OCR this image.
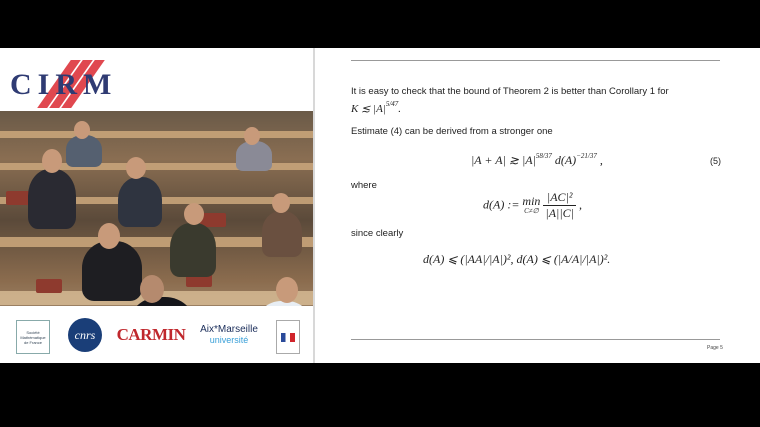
CIRM
Société
Mathématique
de France
cnrs	CARMIN Aix*Marseille
université
It is easy to check that the bound of Theorem 2 is better than Corollary 1 for
K ≲ $|A|^{5/47}$.
Estimate (4) can be derived from a stronger one
|A + A| ≳ $|A|^{58/37}$ $d(A)^{-21/37}$ ,	(5)
where
d(A) := min
C≠∅
$\frac{\text{|AC|²}}{|A||C|}$ ,
since clearly
d(A) ⩽ (|AA|/|A|)², d(A) ⩽ (|A/A|/|A|)².
Page 5
